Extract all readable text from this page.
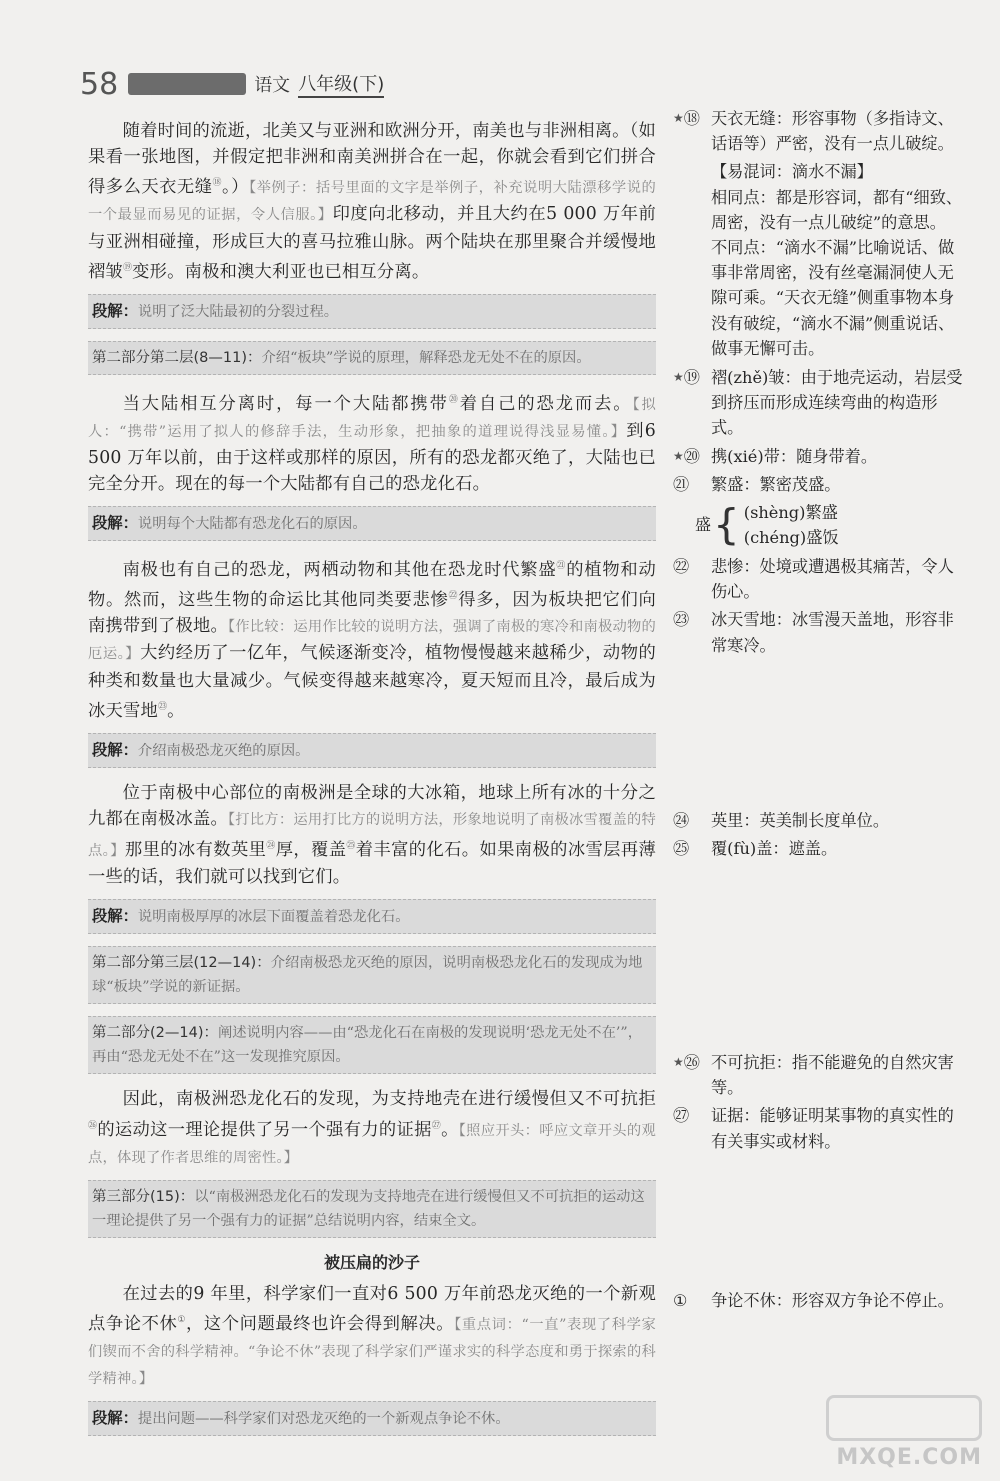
58	语文 八年级(下)

随着时间的流逝，北美又与亚洲和欧洲分开，南美也与非洲相离。（如果看一张地图，并假定把非洲和南美洲拼合在一起，你就会看到它们拼合得多么天衣无缝⑱。）【举例子：括号里面的文字是举例子，补充说明大陆漂移学说的一个最显而易见的证据，令人信服。】印度向北移动，并且大约在5 000 万年前与亚洲相碰撞，形成巨大的喜马拉雅山脉。两个陆块在那里聚合并缓慢地褶皱⑲变形。南极和澳大利亚也已相互分离。

段解：说明了泛大陆最初的分裂过程。
第二部分第二层(8—11)：介绍“板块”学说的原理，解释恐龙无处不在的原因。

当大陆相互分离时，每一个大陆都携带⑳着自己的恐龙而去。【拟人：“携带”运用了拟人的修辞手法，生动形象，把抽象的道理说得浅显易懂。】到6 500 万年以前，由于这样或那样的原因，所有的恐龙都灭绝了，大陆也已完全分开。现在的每一个大陆都有自己的恐龙化石。

段解：说明每个大陆都有恐龙化石的原因。

南极也有自己的恐龙，两栖动物和其他在恐龙时代繁盛$^㉑$的植物和动物。然而，这些生物的命运比其他同类要悲惨$^㉒$得多，因为板块把它们向南携带到了极地。【作比较：运用作比较的说明方法，强调了南极的寒冷和南极动物的厄运。】大约经历了一亿年，气候逐渐变冷，植物慢慢越来越稀少，动物的种类和数量也大量减少。气候变得越来越寒冷，夏天短而且冷，最后成为冰天雪地$^㉓$。

段解：介绍南极恐龙灭绝的原因。

位于南极中心部位的南极洲是全球的大冰箱，地球上所有冰的十分之九都在南极冰盖。【打比方：运用打比方的说明方法，形象地说明了南极冰雪覆盖的特点。】那里的冰有数英里$^㉔$厚，覆盖$^㉕$着丰富的化石。如果南极的冰雪层再薄一些的话，我们就可以找到它们。

段解：说明南极厚厚的冰层下面覆盖着恐龙化石。
第二部分第三层(12—14)：介绍南极恐龙灭绝的原因，说明南极恐龙化石的发现成为地球“板块”学说的新证据。
第二部分(2—14)：阐述说明内容——由“恐龙化石在南极的发现说明‘恐龙无处不在’”，再由“恐龙无处不在”这一发现推究原因。

因此，南极洲恐龙化石的发现，为支持地壳在进行缓慢但又不可抗拒$^㉖$的运动这一理论提供了另一个强有力的证据$^㉗$。【照应开头：呼应文章开头的观点，体现了作者思维的周密性。】

第三部分(15)：以“南极洲恐龙化石的发现为支持地壳在进行缓慢但又不可抗拒的运动这一理论提供了另一个强有力的证据”总结说明内容，结束全文。
被压扁的沙子

在过去的9 年里，科学家们一直对6 500 万年前恐龙灭绝的一个新观点争论不休①，这个问题最终也许会得到解决。【重点词：“一直”表现了科学家们锲而不舍的科学精神。“争论不休”表现了科学家们严谨求实的科学态度和勇于探索的科学精神。】

段解：提出问题——科学家们对恐龙灭绝的一个新观点争论不休。
★⑱ 天衣无缝：形容事物（多指诗文、话语等）严密，没有一点儿破绽。
【易混词：滴水不漏】
相同点：都是形容词，都有“细致、周密，没有一点儿破绽”的意思。
不同点：“滴水不漏”比喻说话、做事非常周密，没有丝毫漏洞使人无隙可乘。“天衣无缝”侧重事物本身没有破绽，“滴水不漏”侧重说话、做事无懈可击。
★⑲ 褶(zhě)皱：由于地壳运动，岩层受到挤压而形成连续弯曲的构造形式。
★⑳ 携(xié)带：随身带着。
㉑	繁盛：繁密茂盛。
盛 { (shèng)繁盛
(chéng)盛饭
㉒	悲惨：处境或遭遇极其痛苦，令人伤心。
㉓	冰天雪地：冰雪漫天盖地，形容非常寒冷。
㉔	英里：英美制长度单位。
㉕	覆(fù)盖：遮盖。
★㉖ 不可抗拒：指不能避免的自然灾害等。
㉗	证据：能够证明某事物的真实性的有关事实或材料。
①	争论不休：形容双方争论不停止。
MXQE.COM
